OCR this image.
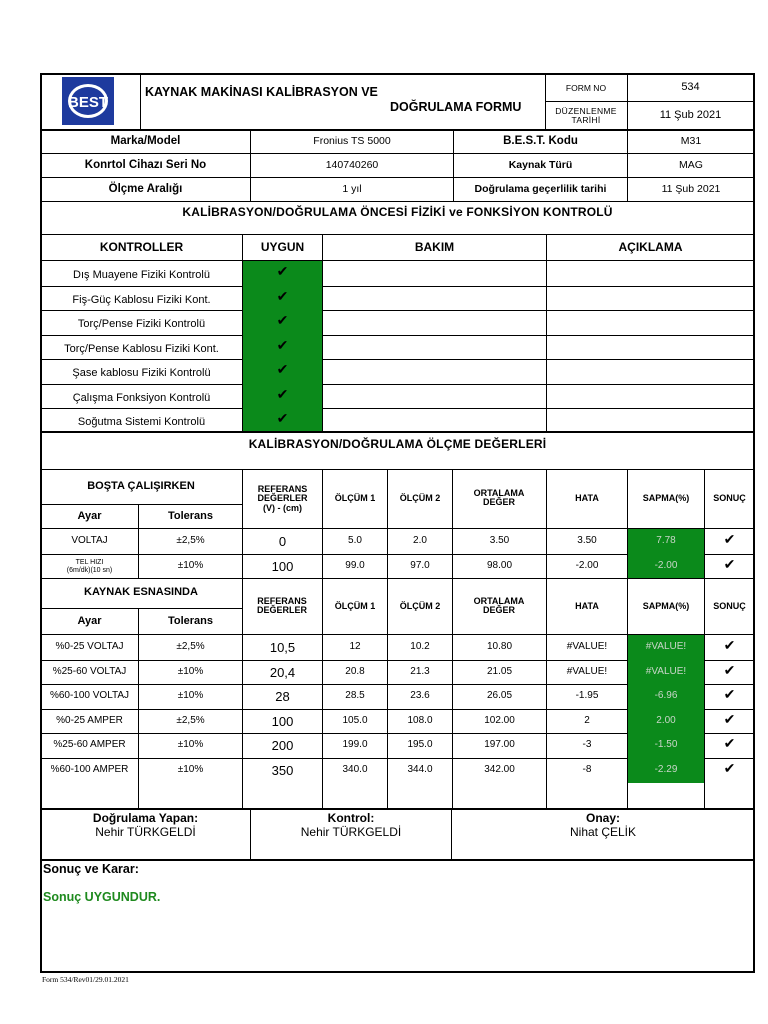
BEST
KAYNAK MAKİNASI KALİBRASYON VE
DOĞRULAMA FORMU
FORM NO	534
DÜZENLENME TARİHİ	11 Şub 2021
Marka/Model	Fronius TS 5000	B.E.S.T. Kodu	M31
Konrtol Cihazı Seri No	140740260	Kaynak Türü	MAG
Ölçme Aralığı	1 yıl	Doğrulama geçerlilik tarihi	11 Şub 2021
KALİBRASYON/DOĞRULAMA ÖNCESİ FİZİKİ ve FONKSİYON KONTROLÜ
KONTROLLER	UYGUN	BAKIM	AÇIKLAMA
Dış Muayene Fiziki Kontrolü	✔
Fiş-Güç Kablosu Fiziki Kont.	✔
Torç/Pense Fiziki Kontrolü	✔
Torç/Pense Kablosu Fiziki Kont.	✔
Şase kablosu Fiziki Kontrolü	✔
Çalışma Fonksiyon Kontrolü	✔
Soğutma Sistemi Kontrolü	✔
KALİBRASYON/DOĞRULAMA ÖLÇME DEĞERLERİ
BOŞTA ÇALIŞIRKEN
Ayar	Tolerans
REFERANS DEĞERLER
(V) - (cm)
ÖLÇÜM 1	ÖLÇÜM 2
ORTALAMA DEĞER	HATA	SAPMA(%)	SONUÇ
VOLTAJ	±2,5%	0	5.0	2.0	3.50	3.50	7.78	✔
TEL HIZI
(6m/dk)(10 sn)	±10%	100	99.0	97.0	98.00	-2.00	-2.00	✔
KAYNAK ESNASINDA
Ayar	Tolerans
REFERANS DEĞERLER	ÖLÇÜM 1	ÖLÇÜM 2
ORTALAMA DEĞER	HATA	SAPMA(%)	SONUÇ
%0-25 VOLTAJ	±2,5%	10,5	12	10.2	10.80	#VALUE!	#VALUE!	✔
%25-60 VOLTAJ	±10%	20,4	20.8	21.3	21.05	#VALUE!	#VALUE!	✔
%60-100 VOLTAJ	±10%	28	28.5	23.6	26.05	-1.95	-6.96	✔
%0-25 AMPER	±2,5%	100	105.0	108.0	102.00	2	2.00	✔
%25-60 AMPER	±10%	200	199.0	195.0	197.00	-3	-1.50	✔
%60-100 AMPER	±10%	350	340.0	344.0	342.00	-8	-2.29	✔
Doğrulama Yapan:
Nehir TÜRKGELDİ
Kontrol:
Nehir TÜRKGELDİ
Onay:
Nihat ÇELİK
Sonuç ve Karar:
Sonuç UYGUNDUR.
Form 534/Rev01/29.01.2021
